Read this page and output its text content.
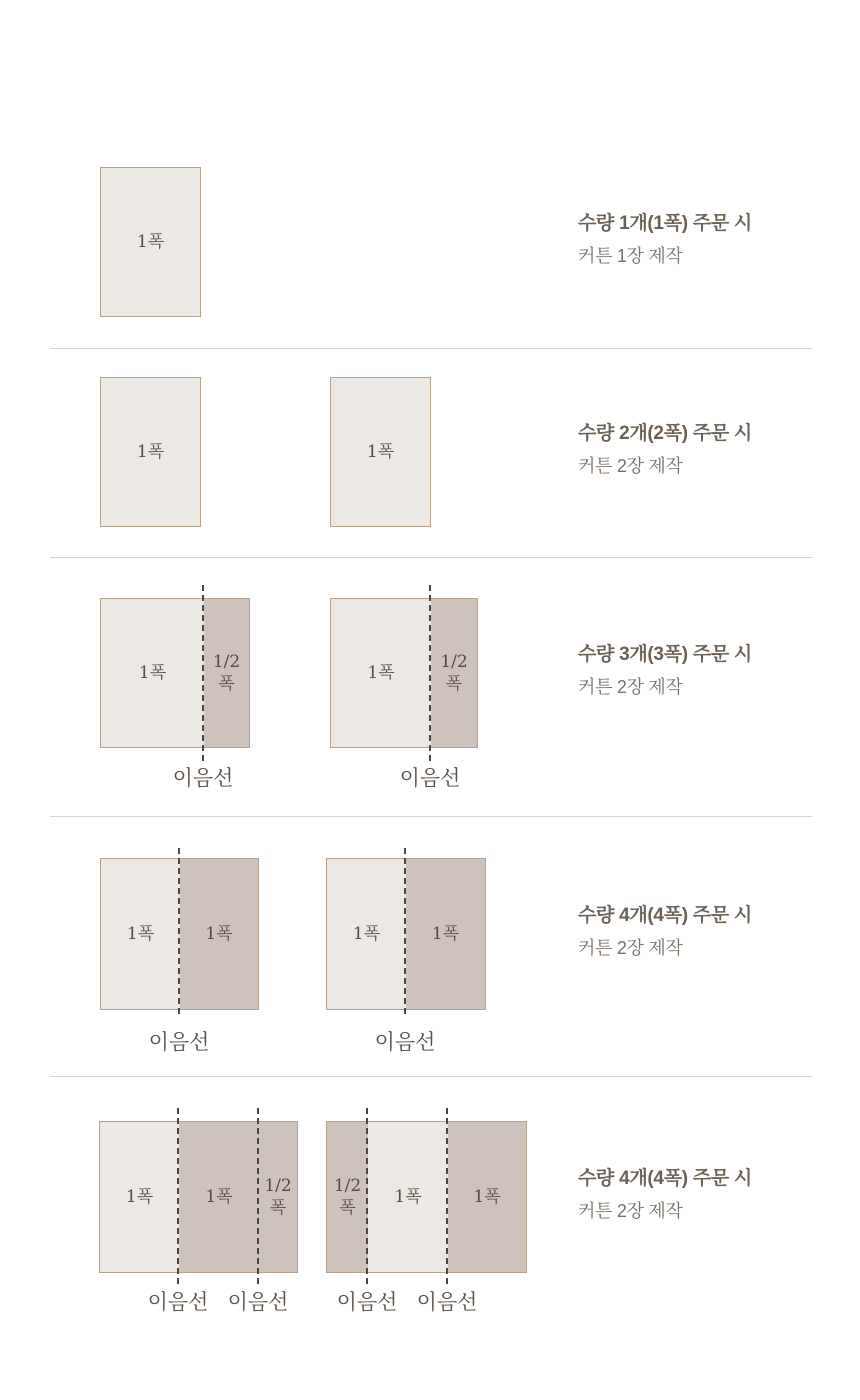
1폭

수량 1개(1폭) 주문 시

커튼 1장 제작

1폭	1폭

수량 2개(2폭) 주문 시

커튼 2장 제작

1폭
1/2
폭
이음선
1폭
1/2
폭
이음선

수량 3개(3폭) 주문 시

커튼 2장 제작

1폭	1폭
이음선
1폭	1폭
이음선

수량 4개(4폭) 주문 시

커튼 2장 제작

1폭	1폭
1/2
폭
이음선 이음선
1/2
폭
1폭	1폭
이음선 이음선

수량 4개(4폭) 주문 시

커튼 2장 제작
